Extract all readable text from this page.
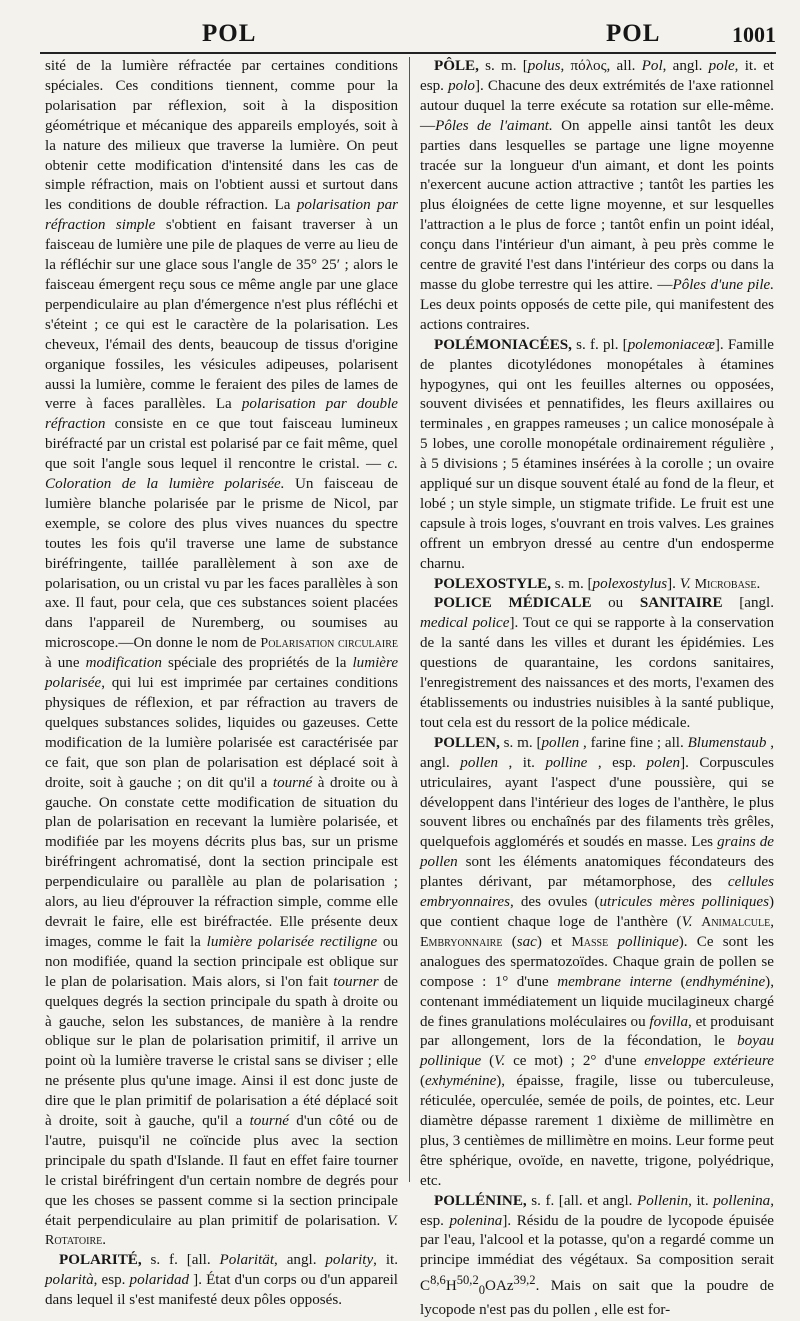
POL	POL	1001

sité de la lumière réfractée par certaines conditions spéciales. Ces conditions tiennent, comme pour la polarisation par réflexion, soit à la disposition géométrique et mécanique des appareils employés, soit à la nature des milieux que traverse la lumière. On peut obtenir cette modification d'intensité dans les cas de simple réfraction, mais on l'obtient aussi et surtout dans les conditions de double réfraction. La polarisation par réfraction simple s'obtient en faisant traverser à un faisceau de lumière une pile de plaques de verre au lieu de la réfléchir sur une glace sous l'angle de 35° 25′ ; alors le faisceau émergent reçu sous ce même angle par une glace perpendiculaire au plan d'émergence n'est plus réfléchi et s'éteint ; ce qui est le caractère de la polarisation. Les cheveux, l'émail des dents, beaucoup de tissus d'origine organique fossiles, les vésicules adipeuses, polarisent aussi la lumière, comme le feraient des piles de lames de verre à faces parallèles. La polarisation par double réfraction consiste en ce que tout faisceau lumineux biréfracté par un cristal est polarisé par ce fait même, quel que soit l'angle sous lequel il rencontre le cristal. — c. Coloration de la lumière polarisée. Un faisceau de lumière blanche polarisée par le prisme de Nicol, par exemple, se colore des plus vives nuances du spectre toutes les fois qu'il traverse une lame de substance biréfringente, taillée parallèlement à son axe de polarisation, ou un cristal vu par les faces parallèles à son axe. Il faut, pour cela, que ces substances soient placées dans l'appareil de Nuremberg, ou soumises au microscope.—On donne le nom de Polarisation circulaire à une modification spéciale des propriétés de la lumière polarisée, qui lui est imprimée par certaines conditions physiques de réflexion, et par réfraction au travers de quelques substances solides, liquides ou gazeuses. Cette modification de la lumière polarisée est caractérisée par ce fait, que son plan de polarisation est déplacé soit à droite, soit à gauche ; on dit qu'il a tourné à droite ou à gauche. On constate cette modification de situation du plan de polarisation en recevant la lumière polarisée, et modifiée par les moyens décrits plus bas, sur un prisme biréfringent achromatisé, dont la section principale est perpendiculaire ou parallèle au plan de polarisation ; alors, au lieu d'éprouver la réfraction simple, comme elle devrait le faire, elle est biréfractée. Elle présente deux images, comme le fait la lumière polarisée rectiligne ou non modifiée, quand la section principale est oblique sur le plan de polarisation. Mais alors, si l'on fait tourner de quelques degrés la section principale du spath à droite ou à gauche, selon les substances, de manière à la rendre oblique sur le plan de polarisation primitif, il arrive un point où la lumière traverse le cristal sans se diviser ; elle ne présente plus qu'une image. Ainsi il est donc juste de dire que le plan primitif de polarisation a été déplacé soit à droite, soit à gauche, qu'il a tourné d'un côté ou de l'autre, puisqu'il ne coïncide plus avec la section principale du spath d'Islande. Il faut en effet faire tourner le cristal biréfringent d'un certain nombre de degrés pour que les choses se passent comme si la section principale était perpendiculaire au plan primitif de polarisation. V. Rotatoire.

POLARITÉ, s. f. [all. Polarität, angl. polarity, it. polarità, esp. polaridad ]. État d'un corps ou d'un appareil dans lequel il s'est manifesté deux pôles opposés.

PÔLE, s. m. [polus, πόλος, all. Pol, angl. pole, it. et esp. polo]. Chacune des deux extrémités de l'axe rationnel autour duquel la terre exécute sa rotation sur elle-même. —Pôles de l'aimant. On appelle ainsi tantôt les deux parties dans lesquelles se partage une ligne moyenne tracée sur la longueur d'un aimant, et dont les points n'exercent aucune action attractive ; tantôt les parties les plus éloignées de cette ligne moyenne, et sur lesquelles l'attraction a le plus de force ; tantôt enfin un point idéal, conçu dans l'intérieur d'un aimant, à peu près comme le centre de gravité l'est dans l'intérieur des corps ou dans la masse du globe terrestre qui les attire. —Pôles d'une pile. Les deux points opposés de cette pile, qui manifestent des actions contraires.

POLÉMONIACÉES, s. f. pl. [polemoniaceæ]. Famille de plantes dicotylédones monopétales à étamines hypogynes, qui ont les feuilles alternes ou opposées, souvent divisées et pennatifides, les fleurs axillaires ou terminales , en grappes rameuses ; un calice monosépale à 5 lobes, une corolle monopétale ordinairement régulière , à 5 divisions ; 5 étamines insérées à la corolle ; un ovaire appliqué sur un disque souvent étalé au fond de la fleur, et lobé ; un style simple, un stigmate trifide. Le fruit est une capsule à trois loges, s'ouvrant en trois valves. Les graines offrent un embryon dressé au centre d'un endosperme charnu.

POLEXOSTYLE, s. m. [polexostylus]. V. Microbase.

POLICE MÉDICALE ou SANITAIRE [angl. medical police]. Tout ce qui se rapporte à la conservation de la santé dans les villes et durant les épidémies. Les questions de quarantaine, les cordons sanitaires, l'enregistrement des naissances et des morts, l'examen des établissements ou industries nuisibles à la santé publique, tout cela est du ressort de la police médicale.

POLLEN, s. m. [pollen , farine fine ; all. Blumenstaub , angl. pollen , it. polline , esp. polen]. Corpuscules utriculaires, ayant l'aspect d'une poussière, qui se développent dans l'intérieur des loges de l'anthère, le plus souvent libres ou enchaînés par des filaments très grêles, quelquefois agglomérés et soudés en masse. Les grains de pollen sont les éléments anatomiques fécondateurs des plantes dérivant, par métamorphose, des cellules embryonnaires, des ovules (utricules mères polliniques) que contient chaque loge de l'anthère (V. Animalcule, Embryonnaire (sac) et Masse pollinique). Ce sont les analogues des spermatozoïdes. Chaque grain de pollen se compose : 1° d'une membrane interne (endhyménine), contenant immédiatement un liquide mucilagineux chargé de fines granulations moléculaires ou fovilla, et produisant par allongement, lors de la fécondation, le boyau pollinique (V. ce mot) ; 2° d'une enveloppe extérieure (exhyménine), épaisse, fragile, lisse ou tuberculeuse, réticulée, operculée, semée de poils, de pointes, etc. Leur diamètre dépasse rarement 1 dixième de millimètre en plus, 3 centièmes de millimètre en moins. Leur forme peut être sphérique, ovoïde, en navette, trigone, polyédrique, etc.

POLLÉNINE, s. f. [all. et angl. Pollenin, it. pollenina, esp. polenina]. Résidu de la poudre de lycopode épuisée par l'eau, l'alcool et la potasse, qu'on a regardé comme un principe immédiat des végétaux. Sa composition serait $C^{8,6}H^{50,2}_0OAz^{39,2}$. Mais on sait que la poudre de lycopode n'est pas du pollen , elle est for-
